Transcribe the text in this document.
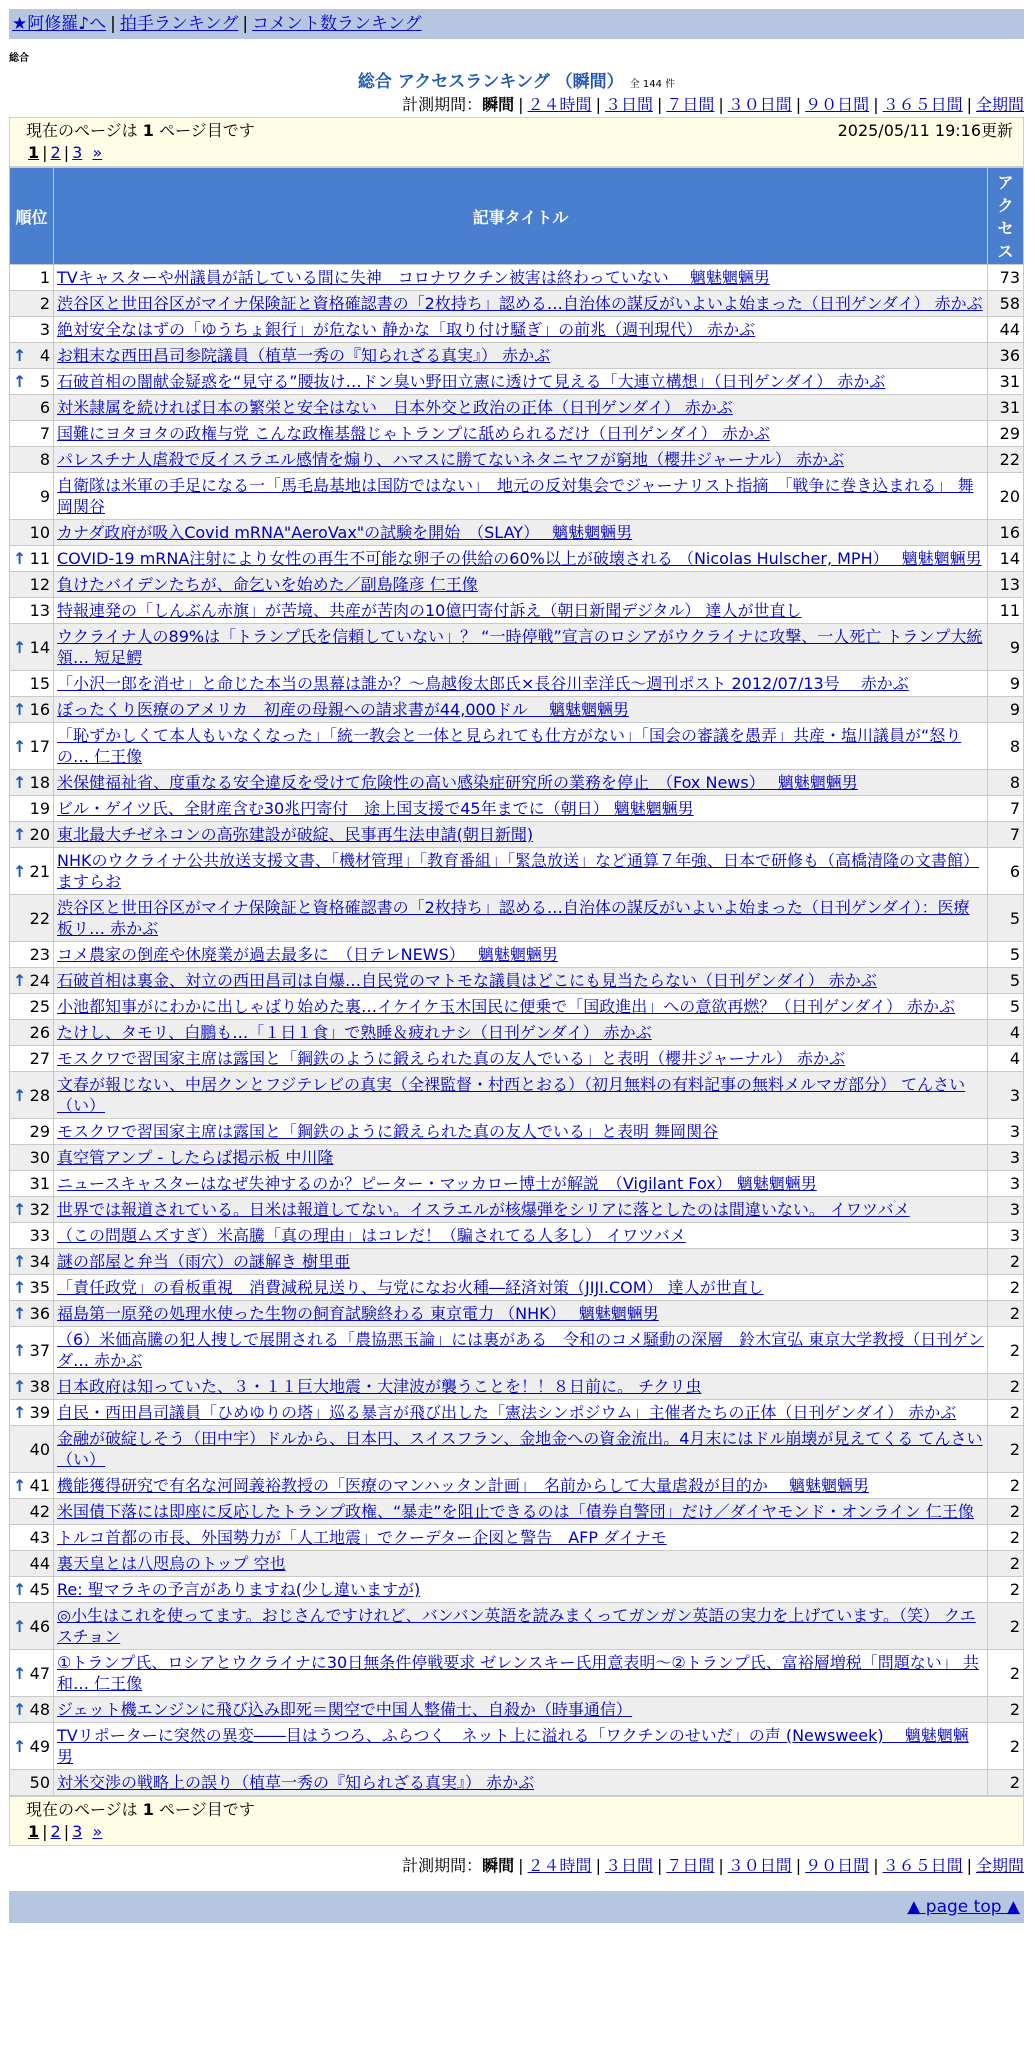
★阿修羅♪へ | 拍手ランキング | コメント数ランキング
総合
総合 アクセスランキング （瞬間） 全 144 件
計測期間：瞬間 | ２４時間 | ３日間 | ７日間 | ３０日間 | ９０日間 | ３６５日間 | 全期間
現在のページは 1 ページ目です	2025/05/11 19:16更新
1 | 2 | 3 »
順位	記事タイトル	アクセス
1	TVキャスターや州議員が話している間に失神　コロナワクチン被害は終わっていない　 魑魅魍魎男	73
2	渋谷区と世田谷区がマイナ保険証と資格確認書の「2枚持ち」認める…自治体の謀反がいよいよ始まった（日刊ゲンダイ） 赤かぶ	58
3	絶対安全なはずの「ゆうちょ銀行」が危ない 静かな「取り付け騒ぎ」の前兆（週刊現代） 赤かぶ	44

↑ 4	お粗末な西田昌司参院議員（植草一秀の『知られざる真実』） 赤かぶ	36

↑ 5	石破首相の闇献金疑惑を“見守る”腰抜け…ドン臭い野田立憲に透けて見える「大連立構想」（日刊ゲンダイ） 赤かぶ	31
6	対米隷属を続ければ日本の繁栄と安全はない　日本外交と政治の正体（日刊ゲンダイ） 赤かぶ	31
7	国難にヨタヨタの政権与党 こんな政権基盤じゃトランプに舐められるだけ（日刊ゲンダイ） 赤かぶ	29
8	パレスチナ人虐殺で反イスラエル感情を煽り、ハマスに勝てないネタニヤフが窮地（櫻井ジャーナル） 赤かぶ	22
9	自衛隊は米軍の手足になる一「馬毛島基地は国防ではない」　地元の反対集会でジャーナリスト指摘　「戦争に巻き込まれる」 舞岡関谷	20
10	カナダ政府が吸入Covid mRNA"AeroVax"の試験を開始　（SLAY）　 魑魅魍魎男	16

↑ 11	COVID-19 mRNA注射により女性の再生不可能な卵子の供給の60%以上が破壊される （Nicolas Hulscher, MPH）　 魑魅魍魎男	14
12	負けたバイデンたちが、命乞いを始めた／副島隆彦 仁王像	13
13	特報連発の「しんぶん赤旗」が苦境、共産が苦肉の10億円寄付訴え（朝日新聞デジタル） 達人が世直し	11

↑ 14	ウクライナ人の89%は「トランプ氏を信頼していない」？ “一時停戦”宣言のロシアがウクライナに攻撃、一人死亡 トランプ大統領… 短足鰐	9
15	「小沢一郎を消せ」と命じた本当の黒幕は誰か？～鳥越俊太郎氏×長谷川幸洋氏～週刊ポスト 2012/07/13号　 赤かぶ	9

↑ 16	ぼったくり医療のアメリカ　初産の母親への請求書が44,000ドル　 魑魅魍魎男	9

↑ 17	「恥ずかしくて本人もいなくなった」「統一教会と一体と見られても仕方がない」「国会の審議を愚弄」共産・塩川議員が“怒りの… 仁王像	8

↑ 18	米保健福祉省、度重なる安全違反を受けて危険性の高い感染症研究所の業務を停止　（Fox News）　 魑魅魍魎男	8
19	ビル・ゲイツ氏、全財産含む30兆円寄付　途上国支援で45年までに（朝日） 魑魅魍魎男	7

↑ 20	東北最大チゼネコンの高弥建設が破綻、民事再生法申請(朝日新聞)	7

↑ 21	NHKのウクライナ公共放送支援文書、「機材管理」「教育番組」「緊急放送」など通算７年強、日本で研修も（高橋清隆の文書館） ますらお	6
22	渋谷区と世田谷区がマイナ保険証と資格確認書の「2枚持ち」認める…自治体の謀反がいよいよ始まった（日刊ゲンダイ）：医療板リ… 赤かぶ	5
23	コメ農家の倒産や休廃業が過去最多に　（日テレNEWS）　 魑魅魍魎男	5

↑ 24	石破首相は裏金、対立の西田昌司は自爆…自民党のマトモな議員はどこにも見当たらない（日刊ゲンダイ） 赤かぶ	5
25	小池都知事がにわかに出しゃばり始めた裏…イケイケ玉木国民に便乗で「国政進出」への意欲再燃？（日刊ゲンダイ） 赤かぶ	5
26	たけし、タモリ、白鵬も…「１日１食」で熟睡＆疲れナシ（日刊ゲンダイ） 赤かぶ	4
27	モスクワで習国家主席は露国と「鋼鉄のように鍛えられた真の友人でいる」と表明（櫻井ジャーナル） 赤かぶ	4

↑ 28	文春が報じない、中居クンとフジテレビの真実（全裸監督・村西とおる）（初月無料の有料記事の無料メルマガ部分） てんさい（い）	3
29	モスクワで習国家主席は露国と「鋼鉄のように鍛えられた真の友人でいる」と表明 舞岡関谷	3
30	真空管アンプ - したらば掲示板 中川隆	3
31	ニュースキャスターはなぜ失神するのか？ピーター・マッカロー博士が解説　（Vigilant Fox） 魑魅魍魎男	3

↑ 32	世界では報道されている。日米は報道してない。イスラエルが核爆弾をシリアに落としたのは間違いない。 イワツバメ	3
33	（この問題ムズすぎ）米高騰「真の理由」はコレだ！（騙されてる人多し） イワツバメ	3

↑ 34	謎の部屋と弁当（雨穴）の謎解き 樹里亜	2

↑ 35	「責任政党」の看板重視　消費減税見送り、与党になお火種―経済対策（JIJI.COM） 達人が世直し	2

↑ 36	福島第一原発の処理水使った生物の飼育試験終わる 東京電力 （NHK）　 魑魅魍魎男	2

↑ 37	（6）米価高騰の犯人捜しで展開される「農協悪玉論」には裏がある　令和のコメ騒動の深層　鈴木宣弘 東京大学教授（日刊ゲンダ… 赤かぶ	2

↑ 38	日本政府は知っていた、３・１１巨大地震・大津波が襲うことを！！８日前に。 チクリ虫	2

↑ 39	自民・西田昌司議員「ひめゆりの塔」巡る暴言が飛び出した「憲法シンポジウム」主催者たちの正体（日刊ゲンダイ） 赤かぶ	2
40	金融が破綻しそう（田中宇）ドルから、日本円、スイスフラン、金地金への資金流出。4月末にはドル崩壊が見えてくる てんさい（い）	2

↑ 41	機能獲得研究で有名な河岡義裕教授の「医療のマンハッタン計画」　名前からして大量虐殺が目的か　 魑魅魍魎男	2
42	米国債下落には即座に反応したトランプ政権、“暴走”を阻止できるのは「債券自警団」だけ／ダイヤモンド・オンライン 仁王像	2
43	トルコ首都の市長、外国勢力が「人工地震」でクーデター企図と警告　AFP ダイナモ	2
44	裏天皇とは八咫烏のトップ 空也	2

↑ 45	Re: 聖マラキの予言がありますね(少し違いますが)	2

↑ 46	◎小生はこれを使ってます。おじさんですけれど、バンバン英語を読みまくってガンガン英語の実力を上げています。（笑） クエスチョン	2

↑ 47	①トランプ氏、ロシアとウクライナに30日無条件停戦要求 ゼレンスキー氏用意表明～②トランプ氏、富裕層増税「問題ない」 共和… 仁王像	2

↑ 48	ジェット機エンジンに飛び込み即死＝関空で中国人整備士、自殺か（時事通信）	2

↑ 49	TVリポーターに突然の異変――目はうつろ、ふらつく　ネット上に溢れる「ワクチンのせいだ」の声 (Newsweek)　 魑魅魍魎男	2
50	対米交渉の戦略上の誤り（植草一秀の『知られざる真実』） 赤かぶ	2
現在のページは 1 ページ目です
1 | 2 | 3 »
計測期間：瞬間 | ２４時間 | ３日間 | ７日間 | ３０日間 | ９０日間 | ３６５日間 | 全期間
▲ page top ▲
